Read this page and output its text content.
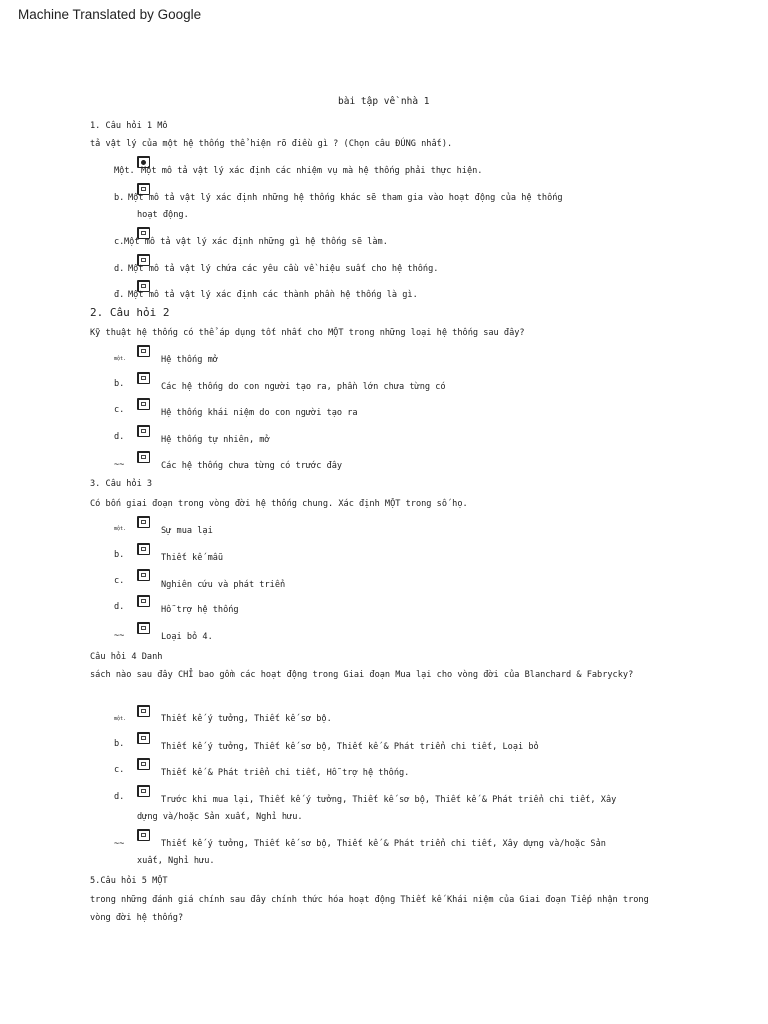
Machine Translated by Google
bài tập về nhà 1
1. Câu hỏi 1 Mô
tả vật lý của một hệ thống thể hiện rõ điều gì ? (Chọn câu ĐÚNG nhất).
Một. Một mô tả vật lý xác định các nhiệm vụ mà hệ thống phải thực hiện.
b. Một mô tả vật lý xác định những hệ thống khác sẽ tham gia vào hoạt động của hệ thống
hoạt động.
c. Một mô tả vật lý xác định những gì hệ thống sẽ làm.
d. Một mô tả vật lý chứa các yêu cầu về hiệu suất cho hệ thống.
đ. Một mô tả vật lý xác định các thành phần hệ thống là gì.
2. Câu hỏi 2
Kỹ thuật hệ thống có thể áp dụng tốt nhất cho MỘT trong những loại hệ thống sau đây?
một.	Hệ thống mở
b.	Các hệ thống do con người tạo ra, phần lớn chưa từng có
c.	Hệ thống khái niệm do con người tạo ra
d.	Hệ thống tự nhiên, mở
~~	Các hệ thống chưa từng có trước đây
3. Câu hỏi 3
Có bốn giai đoạn trong vòng đời hệ thống chung. Xác định MỘT trong số họ.
một.	Sự mua lại
b.	Thiết kế mẫu
c.	Nghiên cứu và phát triển
d.	Hỗ trợ hệ thống
~~	Loại bỏ 4.
Câu hỏi 4 Danh
sách nào sau đây CHỈ bao gồm các hoạt động trong Giai đoạn Mua lại cho vòng đời của Blanchard & Fabrycky?
một.	Thiết kế ý tưởng, Thiết kế sơ bộ.
b.	Thiết kế ý tưởng, Thiết kế sơ bộ, Thiết kế & Phát triển chi tiết, Loại bỏ
c.	Thiết kế & Phát triển chi tiết, Hỗ trợ hệ thống.
d.	Trước khi mua lại, Thiết kế ý tưởng, Thiết kế sơ bộ, Thiết kế & Phát triển chi tiết, Xây
dựng và/hoặc Sản xuất, Nghỉ hưu.
~~	Thiết kế ý tưởng, Thiết kế sơ bộ, Thiết kế & Phát triển chi tiết, Xây dựng và/hoặc Sản
xuất, Nghỉ hưu.
5.Câu hỏi 5 MỘT
trong những đánh giá chính sau đây chính thức hóa hoạt động Thiết kế Khái niệm của Giai đoạn Tiếp nhận trong
vòng đời hệ thống?
